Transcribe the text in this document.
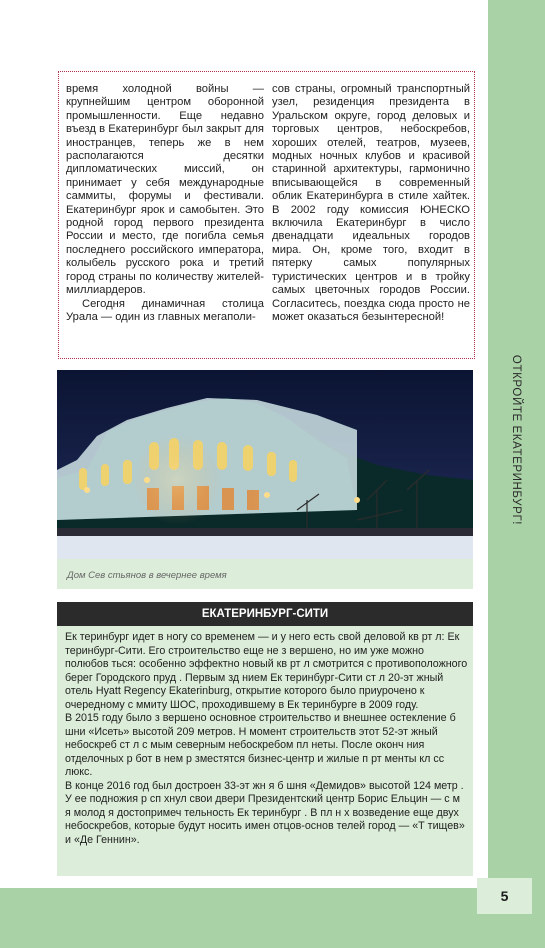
ОТКРОЙТЕ ЕКАТЕРИНБУРГ!
5

время холодной войны — крупнейшим центром оборонной промышленности. Еще недавно въезд в Екатеринбург был закрыт для иностранцев, теперь же в нем располагаются десятки дипломатических миссий, он принимает у себя международные саммиты, форумы и фестивали. Екатеринбург ярок и самобытен. Это родной город первого президента России и место, где погибла семья последнего российского императора, колыбель русского рока и третий город страны по количеству жителей-миллиардеров.

Сегодня динамичная столица Урала — один из главных мегаполи-

сов страны, огромный транспортный узел, резиденция президента в Уральском округе, город деловых и торговых центров, небоскребов, хороших отелей, театров, музеев, модных ночных клубов и красивой старинной архитектуры, гармонично вписывающейся в современный облик Екатеринбурга в стиле хайтек. В 2002 году комиссия ЮНЕСКО включила Екатеринбург в число двенадцати идеальных городов мира. Он, кроме того, входит в пятерку самых популярных туристических центров и в тройку самых цветочных городов России. Согласитесь, поездка сюда просто не может оказаться безынтересной!

Дом Сев стьянов в вечернее время

ЕКАТЕРИНБУРГ-СИТИ

Ек теринбург идет в ногу со временем — и у него есть свой деловой кв рт л: Ек теринбург-Сити. Его строительство еще не з вершено, но им уже можно полюбов ться: особенно эффектно новый кв рт л смотрится с противоположного берег Городского пруд . Первым зд нием Ек теринбург-Сити ст л 20-эт жный отель Hyatt Regency Ekaterinburg, открытие которого было приурочено к очередному с ммиту ШОС, проходившему в Ек теринбурге в 2009 году.

В 2015 году было з вершено основное строительство и внешнее остекление б шни «Исеть» высотой 209 метров. Н момент строительств этот 52-эт жный небоскреб ст л с мым северным небоскребом пл неты. После оконч ния отделочных р бот в нем р зместятся бизнес-центр и жилые п рт менты кл сс люкс.

В конце 2016 год был достроен 33-эт жн я б шня «Демидов» высотой 124 метр . У ее подножия р сп хнул свои двери Президентский центр Борис Ельцин — с м я молод я достопримеч тельность Ек теринбург . В пл н х возведение еще двух небоскребов, которые будут носить имен отцов-основ телей город — «Т тищев» и «Де Геннин».
